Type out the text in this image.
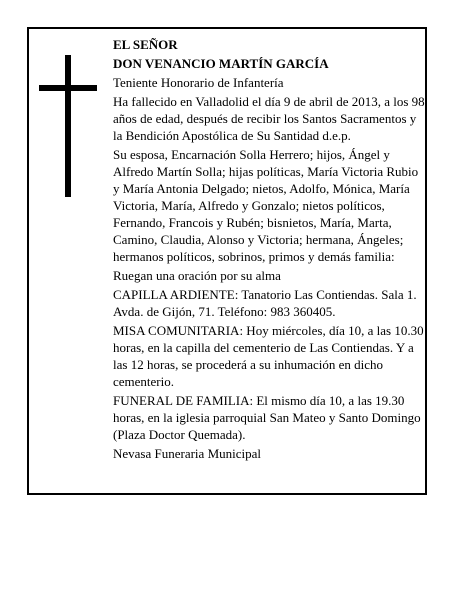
EL SEÑOR

DON VENANCIO MARTÍN GARCÍA

Teniente Honorario de Infantería

Ha fallecido en Valladolid el día 9 de abril de 2013, a los 98 años de edad, después de recibir los Santos Sacramentos y la Bendición Apostólica de Su Santidad d.e.p.

Su esposa, Encarnación Solla Herrero; hijos, Ángel y Alfredo Martín Solla; hijas políticas, María Victoria Rubio y María Antonia Delgado; nietos, Adolfo, Mónica, María Victoria, María, Alfredo y Gonzalo; nietos políticos, Fernando, Francois y Rubén; bisnietos, María, Marta, Camino, Claudia, Alonso y Victoria; hermana, Ángeles; hermanos políticos, sobrinos, primos y demás familia:

Ruegan una oración por su alma

CAPILLA ARDIENTE: Tanatorio Las Contiendas. Sala 1. Avda. de Gijón, 71. Teléfono: 983 360405.

MISA COMUNITARIA: Hoy miércoles, día 10, a las 10.30 horas, en la capilla del cementerio de Las Contiendas. Y a las 12 horas, se procederá a su inhumación en dicho cementerio.

FUNERAL DE FAMILIA: El mismo día 10, a las 19.30 horas, en la iglesia parroquial San Mateo y Santo Domingo (Plaza Doctor Quemada).

Nevasa Funeraria Municipal
